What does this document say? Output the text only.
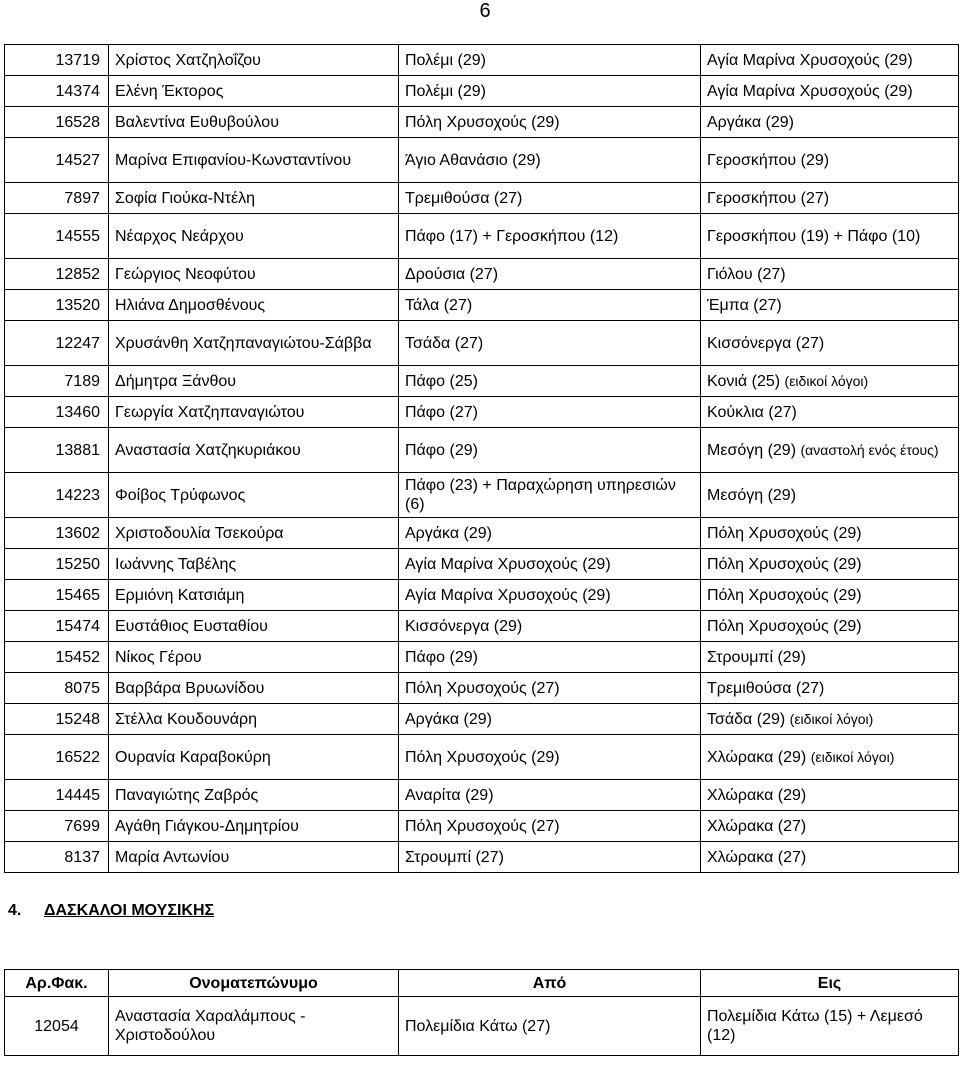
6
13719	Χρίστος Χατζηλοΐζου	Πολέμι (29)	Αγία Μαρίνα Χρυσοχούς (29)
14374	Ελένη Έκτορος	Πολέμι (29)	Αγία Μαρίνα Χρυσοχούς (29)
16528	Βαλεντίνα Ευθυβούλου	Πόλη Χρυσοχούς (29)	Αργάκα (29)
14527	Μαρίνα Επιφανίου-Κωνσταντίνου	Άγιο Αθανάσιο (29)	Γεροσκήπου (29)
7897	Σοφία Γιούκα-Ντέλη	Τρεμιθούσα (27)	Γεροσκήπου (27)
14555	Νέαρχος Νεάρχου	Πάφο (17) + Γεροσκήπου (12)	Γεροσκήπου (19) + Πάφο (10)
12852	Γεώργιος Νεοφύτου	Δρούσια (27)	Γιόλου (27)
13520	Ηλιάνα Δημοσθένους	Τάλα (27)	Έμπα (27)
12247	Χρυσάνθη Χατζηπαναγιώτου-Σάββα	Τσάδα (27)	Κισσόνεργα (27)
7189	Δήμητρα Ξάνθου	Πάφο (25)	Κονιά (25) (ειδικοί λόγοι)
13460	Γεωργία Χατζηπαναγιώτου	Πάφο (27)	Κούκλια (27)
13881	Αναστασία Χατζηκυριάκου	Πάφο (29)	Μεσόγη (29) (αναστολή ενός έτους)
14223	Φοίβος Τρύφωνος	Πάφο (23) + Παραχώρηση υπηρεσιών (6)	Μεσόγη (29)
13602	Χριστοδουλία Τσεκούρα	Αργάκα (29)	Πόλη Χρυσοχούς (29)
15250	Ιωάννης Ταβέλης	Αγία Μαρίνα Χρυσοχούς (29)	Πόλη Χρυσοχούς (29)
15465	Ερμιόνη Κατσιάμη	Αγία Μαρίνα Χρυσοχούς (29)	Πόλη Χρυσοχούς (29)
15474	Ευστάθιος Ευσταθίου	Κισσόνεργα (29)	Πόλη Χρυσοχούς (29)
15452	Νίκος Γέρου	Πάφο (29)	Στρουμπί (29)
8075	Βαρβάρα Βρυωνίδου	Πόλη Χρυσοχούς (27)	Τρεμιθούσα (27)
15248	Στέλλα Κουδουνάρη	Αργάκα (29)	Τσάδα (29) (ειδικοί λόγοι)
16522	Ουρανία Καραβοκύρη	Πόλη Χρυσοχούς (29)	Χλώρακα (29) (ειδικοί λόγοι)
14445	Παναγιώτης Ζαβρός	Αναρίτα (29)	Χλώρακα (29)
7699	Αγάθη Γιάγκου-Δημητρίου	Πόλη Χρυσοχούς (27)	Χλώρακα (27)
8137	Μαρία Αντωνίου	Στρουμπί (27)	Χλώρακα (27)
4. ΔΑΣΚΑΛΟΙ ΜΟΥΣΙΚΗΣ
Αρ.Φακ.	Ονοματεπώνυμο	Από	Εις
12054	Αναστασία Χαραλάμπους - Χριστοδούλου	Πολεμίδια Κάτω (27)	Πολεμίδια Κάτω (15) + Λεμεσό (12)
